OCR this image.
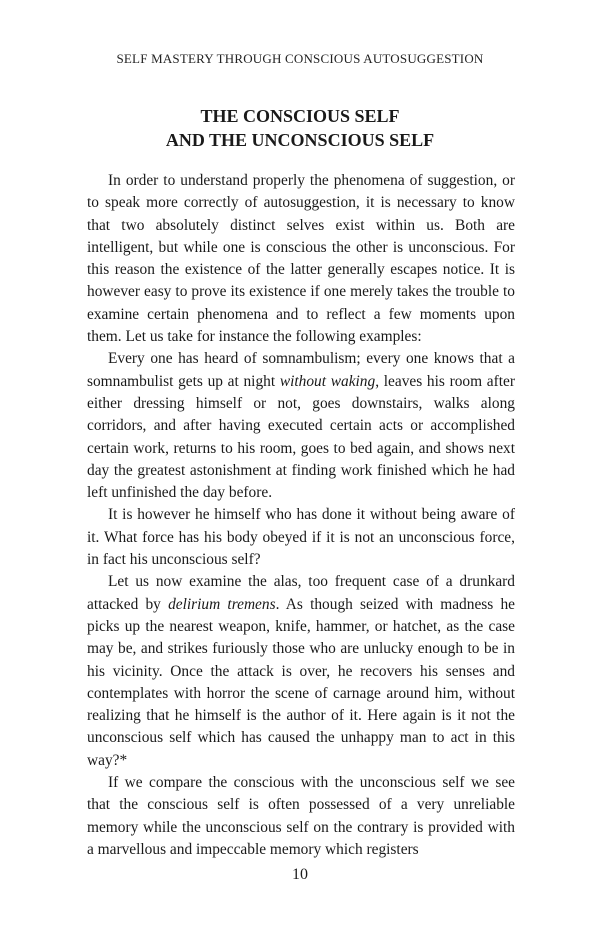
SELF MASTERY THROUGH CONSCIOUS AUTOSUGGESTION
THE CONSCIOUS SELF
AND THE UNCONSCIOUS SELF

In order to understand properly the phenomena of suggestion, or to speak more correctly of autosuggestion, it is necessary to know that two absolutely distinct selves exist within us. Both are intelligent, but while one is conscious the other is unconscious. For this reason the existence of the latter generally escapes notice. It is however easy to prove its existence if one merely takes the trouble to examine certain phenomena and to reflect a few moments upon them. Let us take for instance the following examples:

Every one has heard of somnambulism; every one knows that a somnambulist gets up at night without waking, leaves his room after either dressing himself or not, goes downstairs, walks along corridors, and after having executed certain acts or accomplished certain work, returns to his room, goes to bed again, and shows next day the greatest astonishment at finding work finished which he had left unfinished the day before.

It is however he himself who has done it without being aware of it. What force has his body obeyed if it is not an unconscious force, in fact his unconscious self?

Let us now examine the alas, too frequent case of a drunkard attacked by delirium tremens. As though seized with madness he picks up the nearest weapon, knife, hammer, or hatchet, as the case may be, and strikes furiously those who are unlucky enough to be in his vicinity. Once the attack is over, he recovers his senses and contemplates with horror the scene of carnage around him, without realizing that he himself is the author of it. Here again is it not the unconscious self which has caused the unhappy man to act in this way?*

If we compare the conscious with the unconscious self we see that the conscious self is often possessed of a very unreliable memory while the unconscious self on the contrary is provided with a marvellous and impeccable memory which registers

10
